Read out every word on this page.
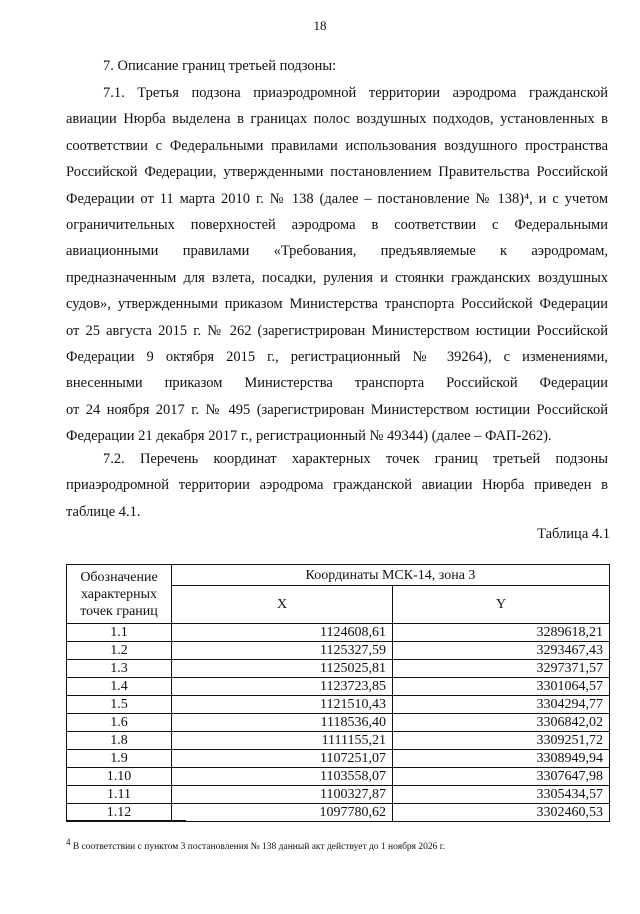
18
7. Описание границ третьей подзоны:
7.1. Третья подзона приаэродромной территории аэродрома гражданской
авиации Нюрба выделена в границах полос воздушных подходов, установленных в
соответствии с Федеральными правилами использования воздушного пространства
Российской Федерации, утвержденными постановлением Правительства Российской
Федерации от 11 марта 2010 г. № 138 (далее – постановление № 138)⁴, и с учетом
ограничительных поверхностей аэродрома в соответствии с Федеральными
авиационными правилами «Требования, предъявляемые к аэродромам,
предназначенным для взлета, посадки, руления и стоянки гражданских воздушных
судов», утвержденными приказом Министерства транспорта Российской Федерации
от 25 августа 2015 г. № 262 (зарегистрирован Министерством юстиции Российской
Федерации 9 октября 2015 г., регистрационный № 39264), с изменениями,
внесенными приказом Министерства транспорта Российской Федерации
от 24 ноября 2017 г. № 495 (зарегистрирован Министерством юстиции Российской
Федерации 21 декабря 2017 г., регистрационный № 49344) (далее – ФАП-262).
7.2. Перечень координат характерных точек границ третьей подзоны
приаэродромной территории аэродрома гражданской авиации Нюрба приведен в
таблице 4.1.
Таблица 4.1
Обозначение характерных точек границ	Координаты МСК-14, зона 3	
	X	Y
1.1	1124608,61	3289618,21
1.2	1125327,59	3293467,43
1.3	1125025,81	3297371,57
1.4	1123723,85	3301064,57
1.5	1121510,43	3304294,77
1.6	1118536,40	3306842,02
1.8	1111155,21	3309251,72
1.9	1107251,07	3308949,94
1.10	1103558,07	3307647,98
1.11	1100327,87	3305434,57
1.12	1097780,62	3302460,53
$^4$ В соответствии с пунктом 3 постановления № 138 данный акт действует до 1 ноября 2026 г.
